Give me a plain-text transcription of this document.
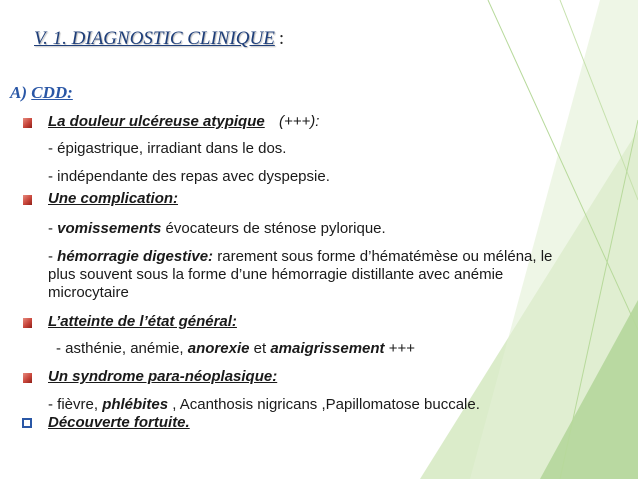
V. 1. DIAGNOSTIC CLINIQUE :
A) CDD:
La douleur ulcéreuse atypique (+++):
- épigastrique, irradiant dans le dos.
- indépendante des repas avec dyspepsie.
Une complication:
- vomissements évocateurs de sténose pylorique.
- hémorragie digestive: rarement sous forme d’hématémèse ou méléna, le
plus souvent sous la forme d’une hémorragie distillante avec anémie
microcytaire
L’atteinte de l’état général:
- asthénie, anémie, anorexie et amaigrissement +++
Un syndrome para-néoplasique:
- fièvre, phlébites , Acanthosis nigricans ,Papillomatose buccale.
Découverte fortuite.
